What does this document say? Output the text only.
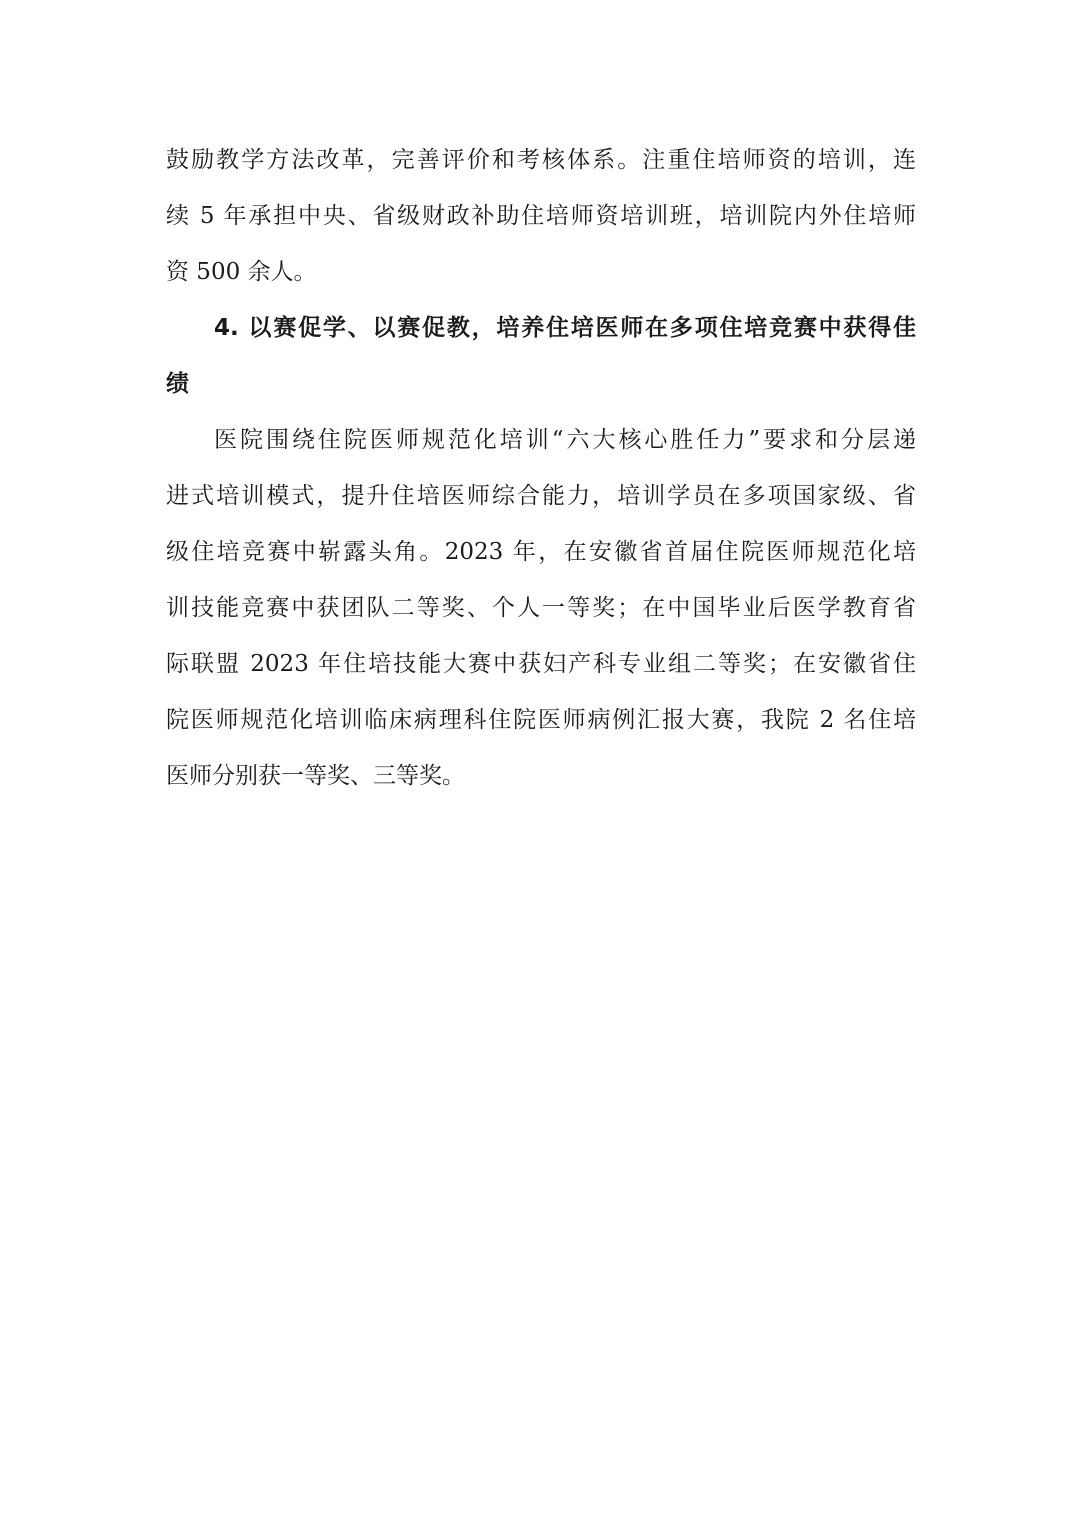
鼓励教学方法改革，完善评价和考核体系。注重住培师资的培训，连
续 5 年承担中央、省级财政补助住培师资培训班，培训院内外住培师
资 500 余人。
4. 以赛促学、以赛促教，培养住培医师在多项住培竞赛中获得佳
绩
医院围绕住院医师规范化培训“六大核心胜任力”要求和分层递
进式培训模式，提升住培医师综合能力，培训学员在多项国家级、省
级住培竞赛中崭露头角。2023 年，在安徽省首届住院医师规范化培
训技能竞赛中获团队二等奖、个人一等奖；在中国毕业后医学教育省
际联盟 2023 年住培技能大赛中获妇产科专业组二等奖；在安徽省住
院医师规范化培训临床病理科住院医师病例汇报大赛，我院 2 名住培
医师分别获一等奖、三等奖。
